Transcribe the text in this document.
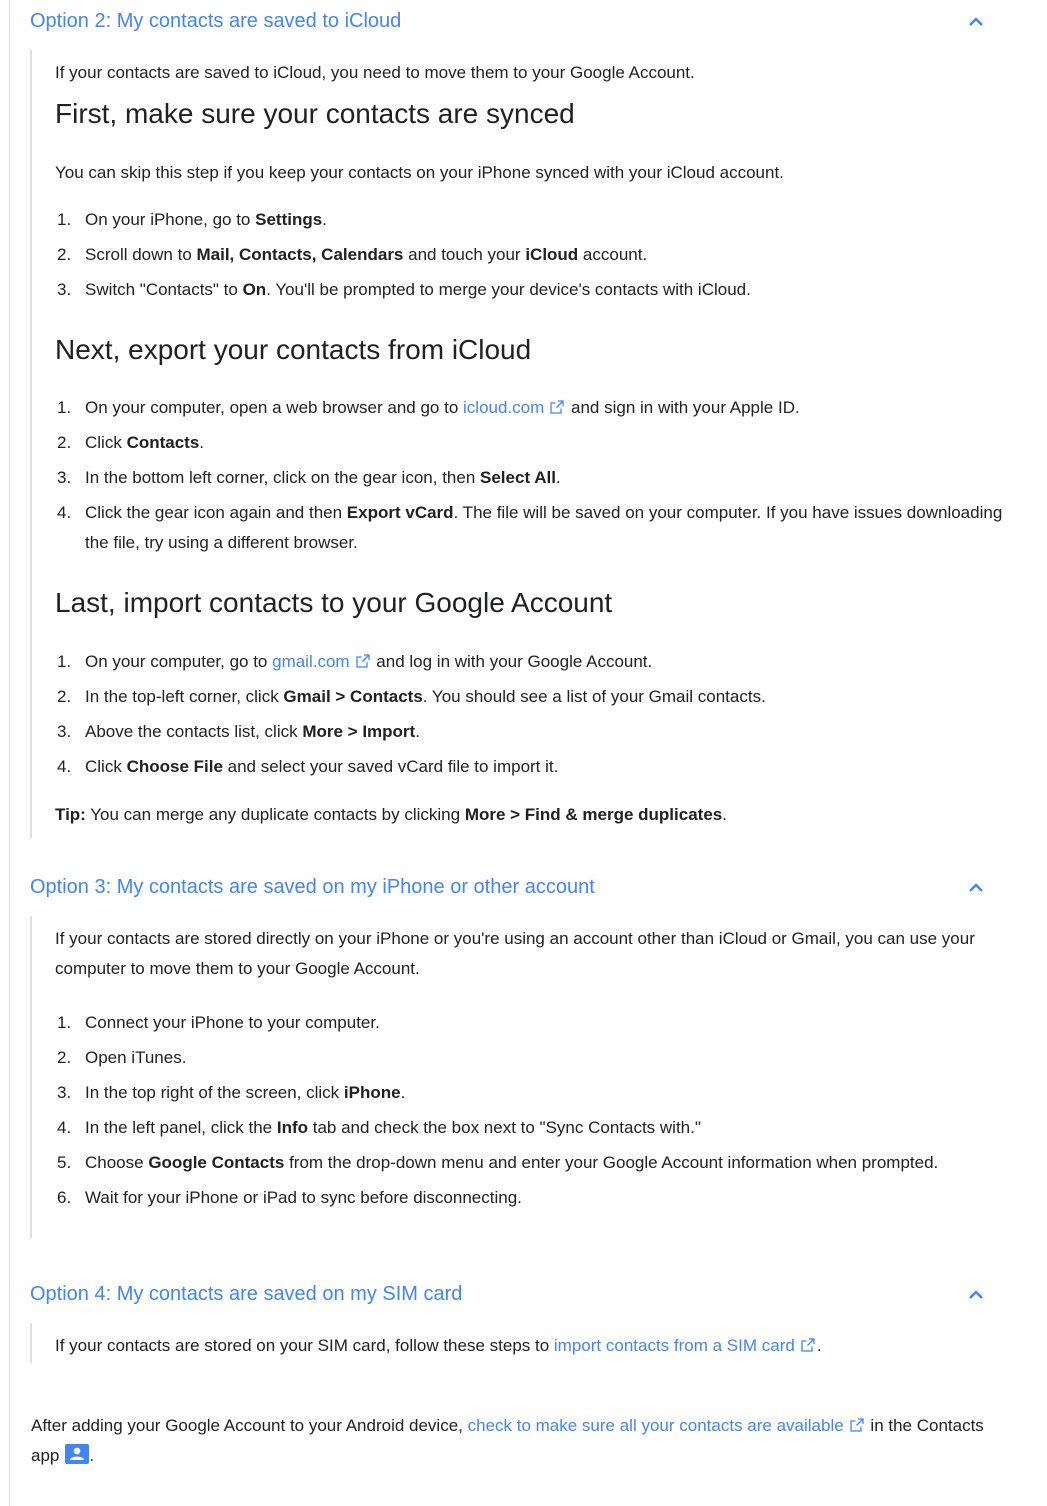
Option 2: My contacts are saved to iCloud

If your contacts are saved to iCloud, you need to move them to your Google Account.

First, make sure your contacts are synced

You can skip this step if you keep your contacts on your iPhone synced with your iCloud account.

1. On your iPhone, go to Settings.
2. Scroll down to Mail, Contacts, Calendars and touch your iCloud account.
3. Switch "Contacts" to On. You'll be prompted to merge your device's contacts with iCloud.
Next, export your contacts from iCloud
1. On your computer, open a web browser and go to icloud.com and sign in with your Apple ID.
2. Click Contacts.
3. In the bottom left corner, click on the gear icon, then Select All.
4. Click the gear icon again and then Export vCard. The file will be saved on your computer. If you have issues downloading the file, try using a different browser.
Last, import contacts to your Google Account
1. On your computer, go to gmail.com and log in with your Google Account.
2. In the top-left corner, click Gmail > Contacts. You should see a list of your Gmail contacts.
3. Above the contacts list, click More > Import.
4. Click Choose File and select your saved vCard file to import it.

Tip: You can merge any duplicate contacts by clicking More > Find & merge duplicates.

Option 3: My contacts are saved on my iPhone or other account

If your contacts are stored directly on your iPhone or you're using an account other than iCloud or Gmail, you can use your computer to move them to your Google Account.

1. Connect your iPhone to your computer.
2. Open iTunes.
3. In the top right of the screen, click iPhone.
4. In the left panel, click the Info tab and check the box next to "Sync Contacts with."
5. Choose Google Contacts from the drop-down menu and enter your Google Account information when prompted.
6. Wait for your iPhone or iPad to sync before disconnecting.
Option 4: My contacts are saved on my SIM card

If your contacts are stored on your SIM card, follow these steps to import contacts from a SIM card .

After adding your Google Account to your Android device, check to make sure all your contacts are available in the Contacts app .
